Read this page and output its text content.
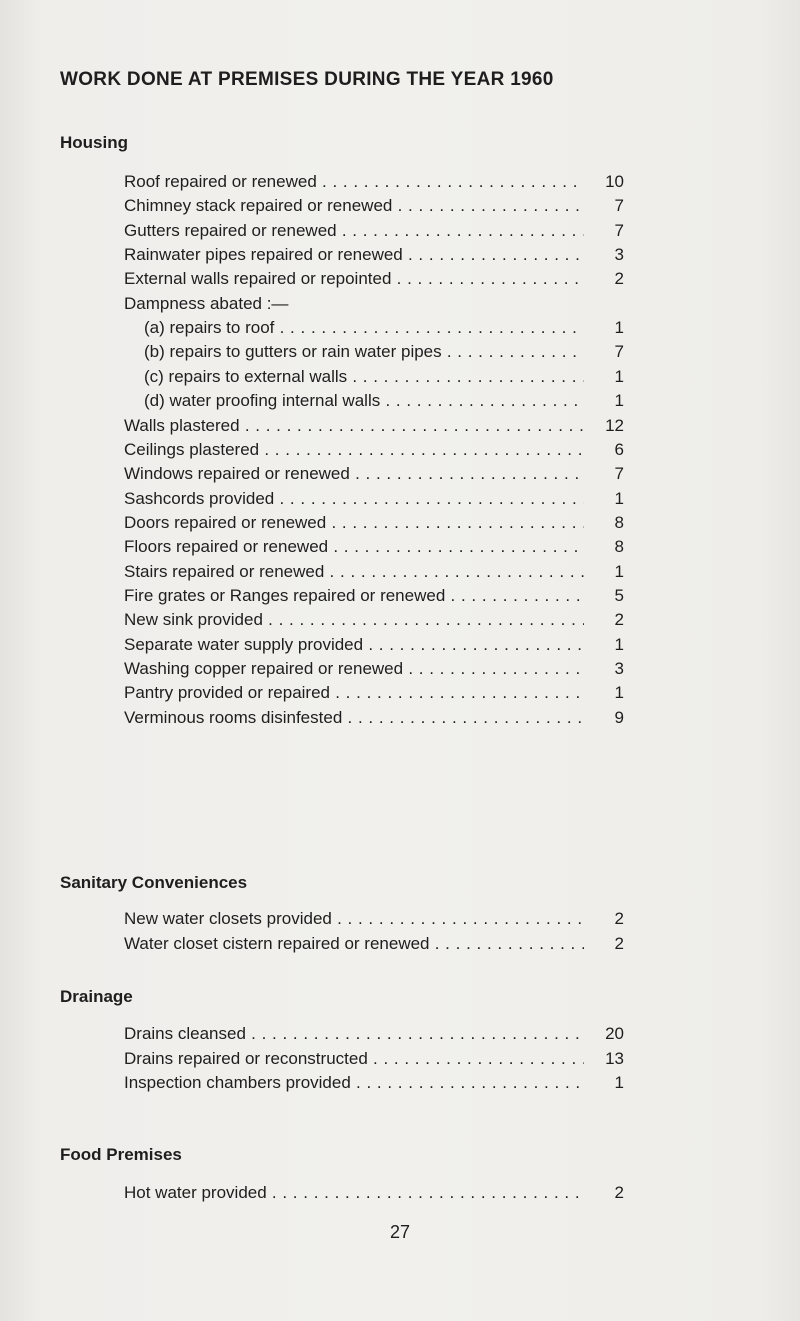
WORK DONE AT PREMISES DURING THE YEAR 1960
Housing
Roof repaired or renewed . . .	10
Chimney stack repaired or renewed . . .	7
Gutters repaired or renewed . . .	7
Rainwater pipes repaired or renewed . . .	3
External walls repaired or repointed . . .	2
Dampness abated :—
(a) repairs to roof . . .	1
(b) repairs to gutters or rain water pipes . . .	7
(c) repairs to external walls . . .	1
(d) water proofing internal walls . . .	1
Walls plastered . . .	12
Ceilings plastered . . .	6
Windows repaired or renewed . . .	7
Sashcords provided . . .	1
Doors repaired or renewed . . .	8
Floors repaired or renewed . . .	8
Stairs repaired or renewed . . .	1
Fire grates or Ranges repaired or renewed . . .	5
New sink provided . . .	2
Separate water supply provided . . .	1
Washing copper repaired or renewed . . .	3
Pantry provided or repaired . . .	1
Verminous rooms disinfested . . .	9
Sanitary Conveniences
New water closets provided . . .	2
Water closet cistern repaired or renewed . . .	2
Drainage
Drains cleansed . . .	20
Drains repaired or reconstructed . . .	13
Inspection chambers provided . . .	1
Food Premises
Hot water provided . . .	2
27
